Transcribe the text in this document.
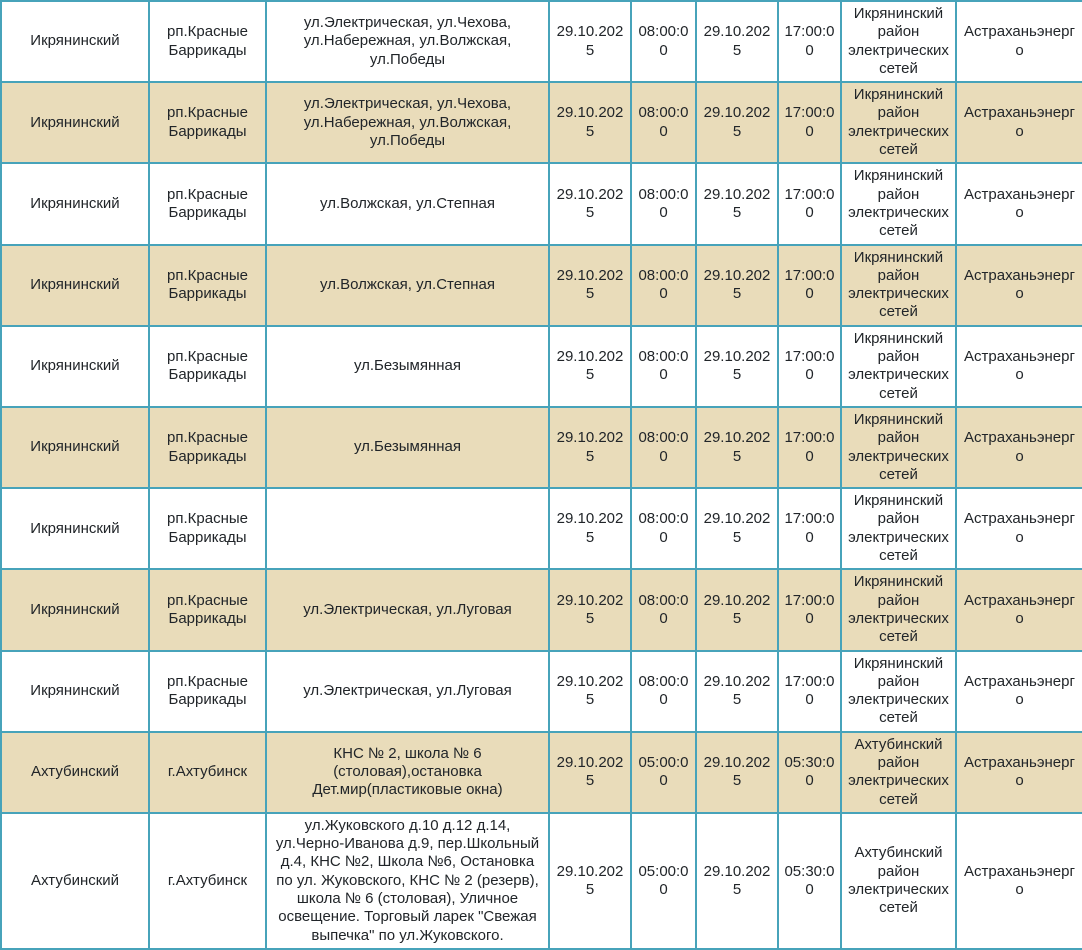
Икрянинский	рп.Красные Баррикады	ул.Электрическая, ул.Чехова, ул.Набережная, ул.Волжская, ул.Победы	29.10.2025	08:00:00	29.10.2025	17:00:00	Икрянинский район электрических сетей	Астраханьэнерго
Икрянинский	рп.Красные Баррикады	ул.Электрическая, ул.Чехова, ул.Набережная, ул.Волжская, ул.Победы	29.10.2025	08:00:00	29.10.2025	17:00:00	Икрянинский район электрических сетей	Астраханьэнерго
Икрянинский	рп.Красные Баррикады	ул.Волжская, ул.Степная	29.10.2025	08:00:00	29.10.2025	17:00:00	Икрянинский район электрических сетей	Астраханьэнерго
Икрянинский	рп.Красные Баррикады	ул.Волжская, ул.Степная	29.10.2025	08:00:00	29.10.2025	17:00:00	Икрянинский район электрических сетей	Астраханьэнерго
Икрянинский	рп.Красные Баррикады	ул.Безымянная	29.10.2025	08:00:00	29.10.2025	17:00:00	Икрянинский район электрических сетей	Астраханьэнерго
Икрянинский	рп.Красные Баррикады	ул.Безымянная	29.10.2025	08:00:00	29.10.2025	17:00:00	Икрянинский район электрических сетей	Астраханьэнерго
Икрянинский	рп.Красные Баррикады		29.10.2025	08:00:00	29.10.2025	17:00:00	Икрянинский район электрических сетей	Астраханьэнерго
Икрянинский	рп.Красные Баррикады	ул.Электрическая, ул.Луговая	29.10.2025	08:00:00	29.10.2025	17:00:00	Икрянинский район электрических сетей	Астраханьэнерго
Икрянинский	рп.Красные Баррикады	ул.Электрическая, ул.Луговая	29.10.2025	08:00:00	29.10.2025	17:00:00	Икрянинский район электрических сетей	Астраханьэнерго
Ахтубинский	г.Ахтубинск	КНС № 2, школа № 6 (столовая),остановка Дет.мир(пластиковые окна)	29.10.2025	05:00:00	29.10.2025	05:30:00	Ахтубинский район электрических сетей	Астраханьэнерго
Ахтубинский	г.Ахтубинск	ул.Жуковского д.10 д.12 д.14, ул.Черно-Иванова д.9, пер.Школьный д.4, КНС №2, Школа №6, Остановка по ул. Жуковского, КНС № 2 (резерв), школа № 6 (столовая), Уличное освещение. Торговый ларек "Свежая выпечка" по ул.Жуковского.	29.10.2025	05:00:00	29.10.2025	05:30:00	Ахтубинский район электрических сетей	Астраханьэнерго
